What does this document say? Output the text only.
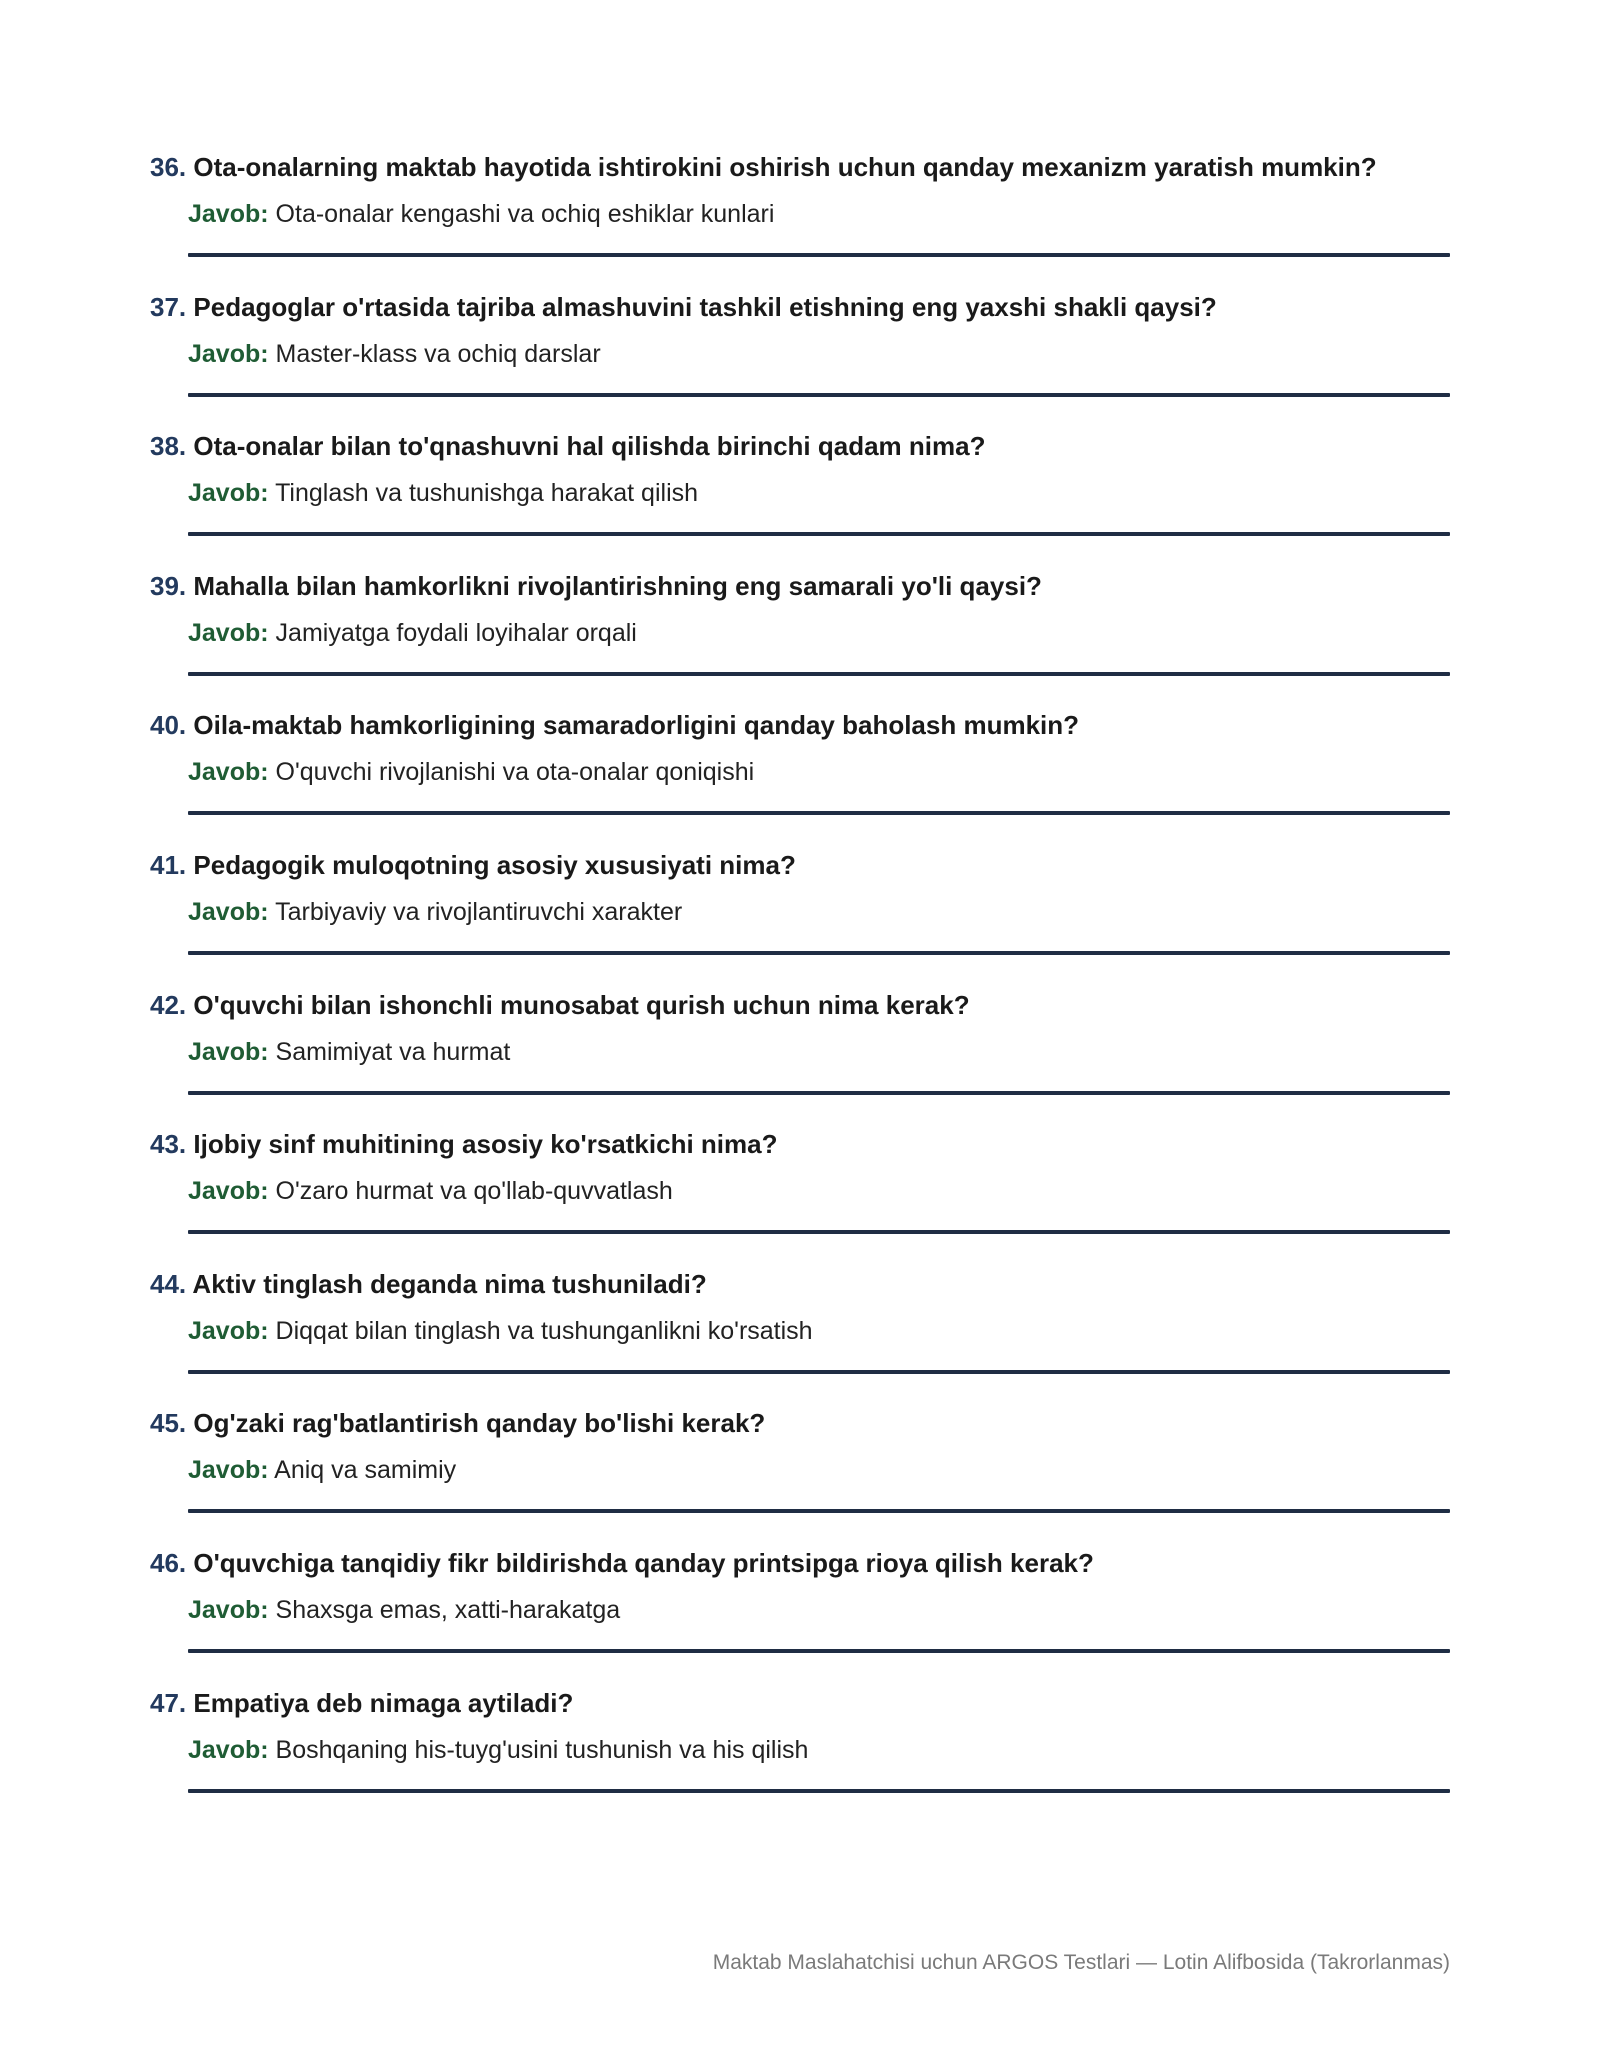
36. Ota-onalarning maktab hayotida ishtirokini oshirish uchun qanday mexanizm yaratish mumkin?
Javob: Ota-onalar kengashi va ochiq eshiklar kunlari
37. Pedagoglar o'rtasida tajriba almashuvini tashkil etishning eng yaxshi shakli qaysi?
Javob: Master-klass va ochiq darslar
38. Ota-onalar bilan to'qnashuvni hal qilishda birinchi qadam nima?
Javob: Tinglash va tushunishga harakat qilish
39. Mahalla bilan hamkorlikni rivojlantirishning eng samarali yo'li qaysi?
Javob: Jamiyatga foydali loyihalar orqali
40. Oila-maktab hamkorligining samaradorligini qanday baholash mumkin?
Javob: O'quvchi rivojlanishi va ota-onalar qoniqishi
41. Pedagogik muloqotning asosiy xususiyati nima?
Javob: Tarbiyaviy va rivojlantiruvchi xarakter
42. O'quvchi bilan ishonchli munosabat qurish uchun nima kerak?
Javob: Samimiyat va hurmat
43. Ijobiy sinf muhitining asosiy ko'rsatkichi nima?
Javob: O'zaro hurmat va qo'llab-quvvatlash
44. Aktiv tinglash deganda nima tushuniladi?
Javob: Diqqat bilan tinglash va tushunganlikni ko'rsatish
45. Og'zaki rag'batlantirish qanday bo'lishi kerak?
Javob: Aniq va samimiy
46. O'quvchiga tanqidiy fikr bildirishda qanday printsipga rioya qilish kerak?
Javob: Shaxsga emas, xatti-harakatga
47. Empatiya deb nimaga aytiladi?
Javob: Boshqaning his-tuyg'usini tushunish va his qilish
Maktab Maslahatchisi uchun ARGOS Testlari — Lotin Alifbosida (Takrorlanmas)
